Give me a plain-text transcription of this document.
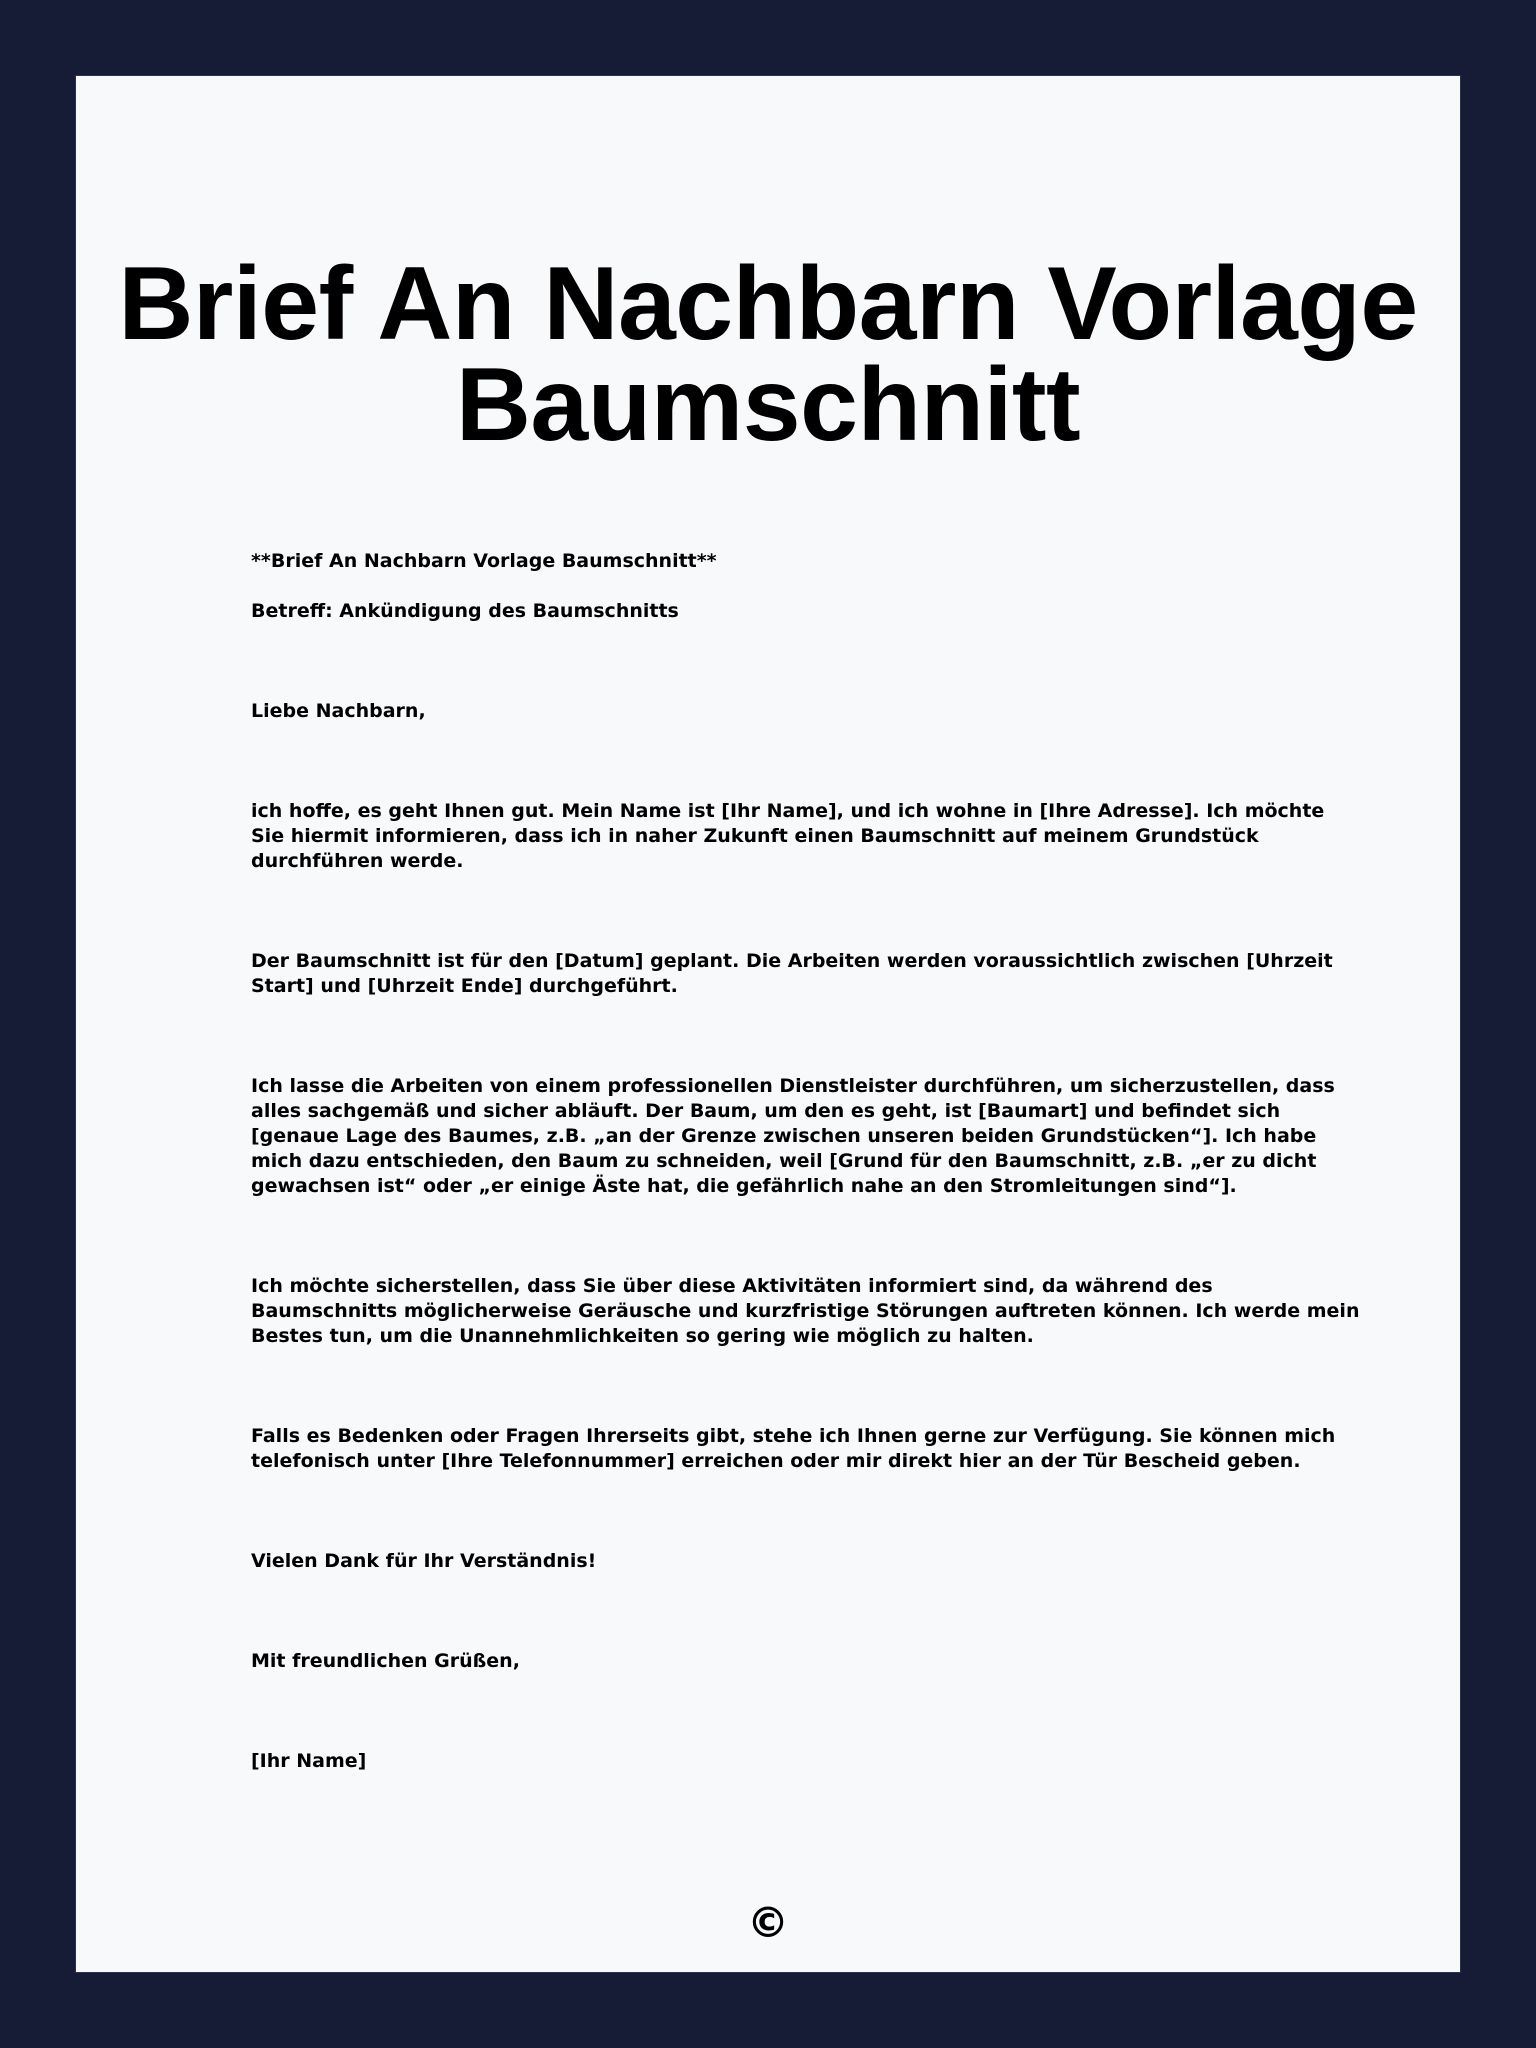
Brief An Nachbarn Vorlage Baumschnitt

**Brief An Nachbarn Vorlage Baumschnitt**

Betreff: Ankündigung des Baumschnitts

Liebe Nachbarn,

ich hoffe, es geht Ihnen gut. Mein Name ist [Ihr Name], und ich wohne in [Ihre Adresse]. Ich möchte Sie hiermit informieren, dass ich in naher Zukunft einen Baumschnitt auf meinem Grundstück durchführen werde.

Der Baumschnitt ist für den [Datum] geplant. Die Arbeiten werden voraussichtlich zwischen [Uhrzeit Start] und [Uhrzeit Ende] durchgeführt.

Ich lasse die Arbeiten von einem professionellen Dienstleister durchführen, um sicherzustellen, dass alles sachgemäß und sicher abläuft. Der Baum, um den es geht, ist [Baumart] und befindet sich [genaue Lage des Baumes, z.B. „an der Grenze zwischen unseren beiden Grundstücken“]. Ich habe mich dazu entschieden, den Baum zu schneiden, weil [Grund für den Baumschnitt, z.B. „er zu dicht gewachsen ist“ oder „er einige Äste hat, die gefährlich nahe an den Stromleitungen sind“].

Ich möchte sicherstellen, dass Sie über diese Aktivitäten informiert sind, da während des Baumschnitts möglicherweise Geräusche und kurzfristige Störungen auftreten können. Ich werde mein Bestes tun, um die Unannehmlichkeiten so gering wie möglich zu halten.

Falls es Bedenken oder Fragen Ihrerseits gibt, stehe ich Ihnen gerne zur Verfügung. Sie können mich telefonisch unter [Ihre Telefonnummer] erreichen oder mir direkt hier an der Tür Bescheid geben.

Vielen Dank für Ihr Verständnis!

Mit freundlichen Grüßen,

[Ihr Name]

©
